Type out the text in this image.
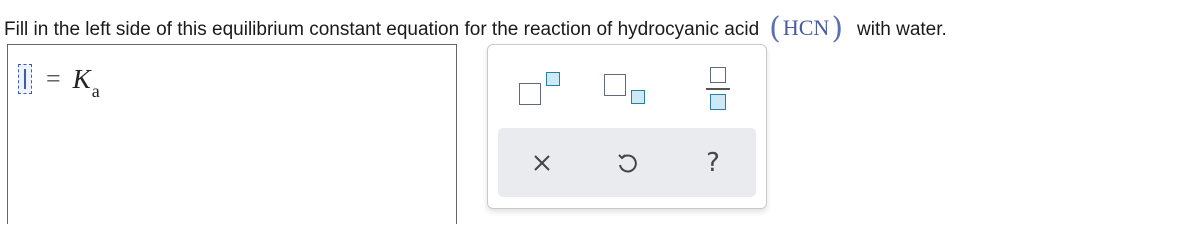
Fill in the left side of this equilibrium constant equation for the reaction of hydrocyanic acid ( HCN ) with water.
= K a
?
